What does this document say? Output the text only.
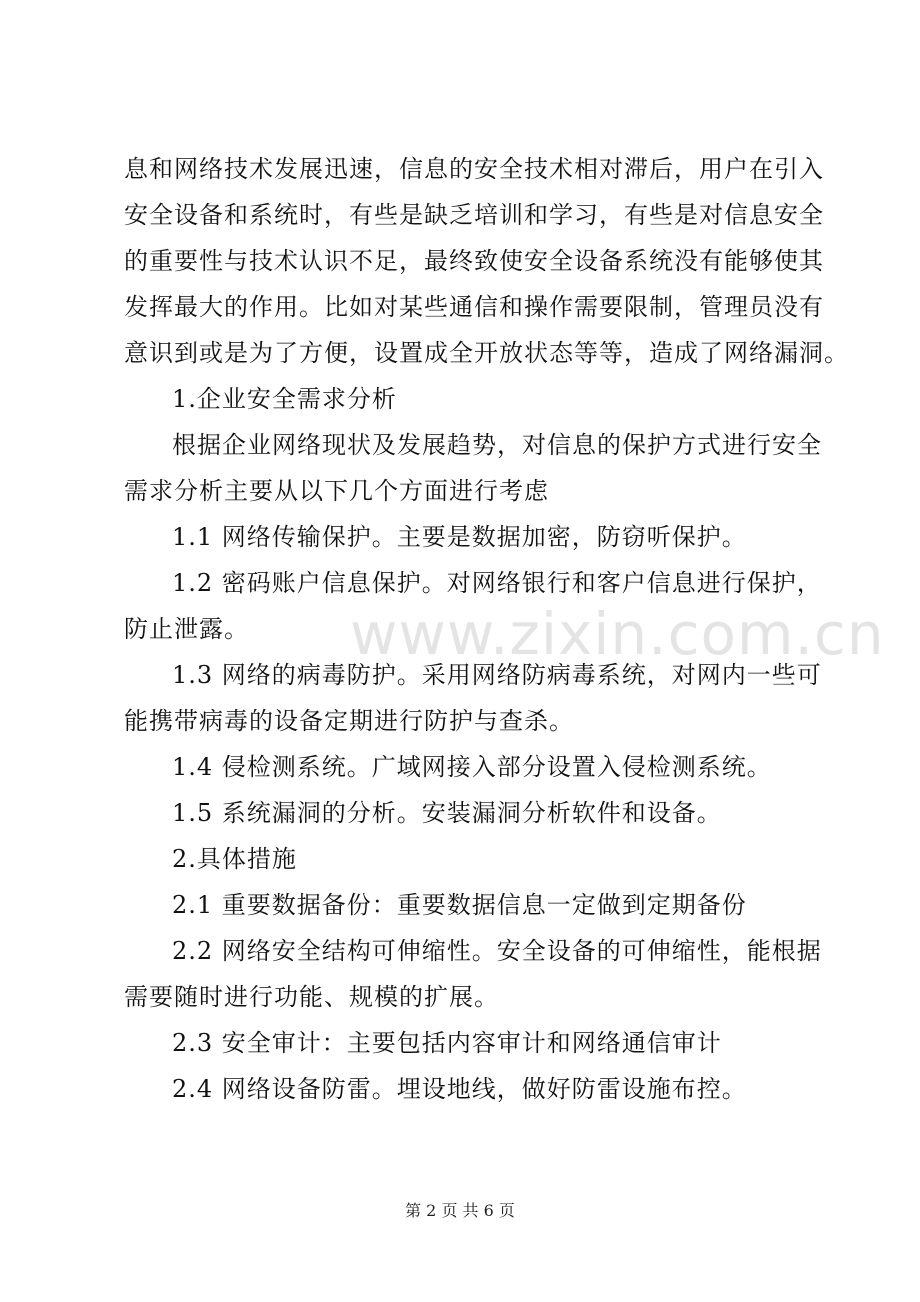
息和网络技术发展迅速，信息的安全技术相对滞后，用户在引入
安全设备和系统时，有些是缺乏培训和学习，有些是对信息安全
的重要性与技术认识不足，最终致使安全设备系统没有能够使其
发挥最大的作用。比如对某些通信和操作需要限制，管理员没有
意识到或是为了方便，设置成全开放状态等等，造成了网络漏洞。
1.企业安全需求分析
根据企业网络现状及发展趋势，对信息的保护方式进行安全
需求分析主要从以下几个方面进行考虑
1.1 网络传输保护。主要是数据加密，防窃听保护。
1.2 密码账户信息保护。对网络银行和客户信息进行保护，
防止泄露。
1.3 网络的病毒防护。采用网络防病毒系统，对网内一些可
能携带病毒的设备定期进行防护与查杀。
1.4 侵检测系统。广域网接入部分设置入侵检测系统。
1.5 系统漏洞的分析。安装漏洞分析软件和设备。
2.具体措施
2.1 重要数据备份：重要数据信息一定做到定期备份
2.2 网络安全结构可伸缩性。安全设备的可伸缩性，能根据
需要随时进行功能、规模的扩展。
2.3 安全审计：主要包括内容审计和网络通信审计
2.4 网络设备防雷。埋设地线，做好防雷设施布控。
www.zixin.com.cn
第 2 页 共 6 页
